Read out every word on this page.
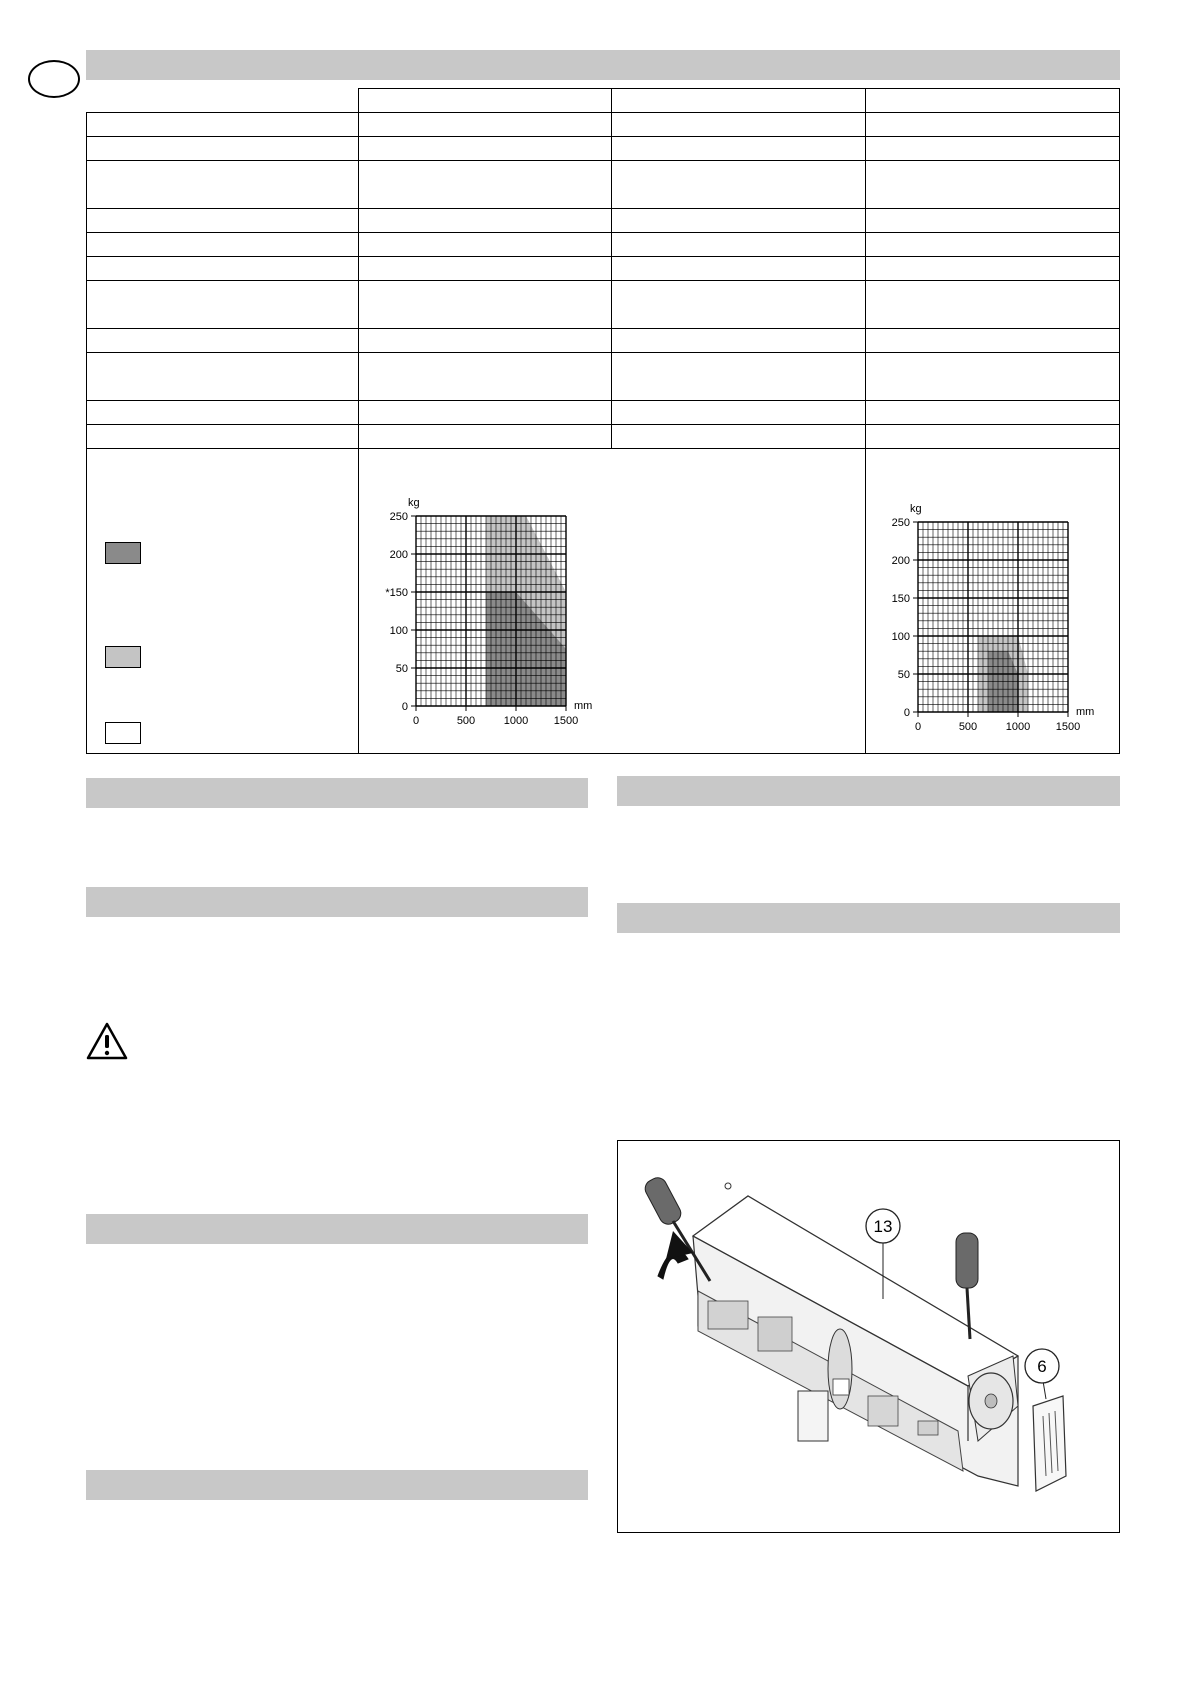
0	500	1000 1500
0
50
100
*150
200
250
kg
mm
0	500	1000 1500
0
50
100
150
200
250
kg
mm
13
6
